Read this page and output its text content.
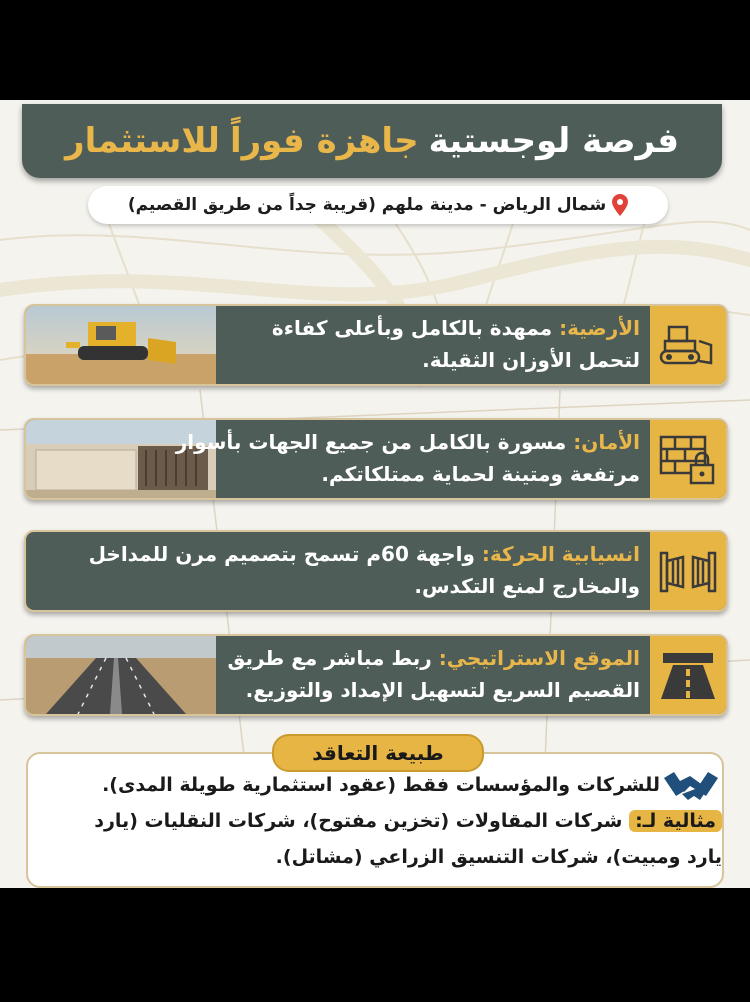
فرصة لوجستية
جاهزة فوراً
للاستثمار
شمال الرياض - مدينة ملهم (قريبة جداً من طريق القصيم)
الأرضية: ممهدة بالكامل وبأعلى كفاءة لتحمل الأوزان الثقيلة.
الأمان: مسورة بالكامل من جميع الجهات بأسوار مرتفعة ومتينة لحماية ممتلكاتكم.
انسيابية الحركة: واجهة 60م تسمح بتصميم مرن للمداخل والمخارج لمنع التكدس.
الموقع الاستراتيجي: ربط مباشر مع طريق القصيم السريع لتسهيل الإمداد والتوزيع.
طبيعة التعاقد
للشركات والمؤسسات فقط (عقود استثمارية طويلة المدى).
مثالية لـ: شركات المقاولات (تخزين مفتوح)، شركات النقليات (يارد
يارد ومبيت)، شركات التنسيق الزراعي (مشاتل).
